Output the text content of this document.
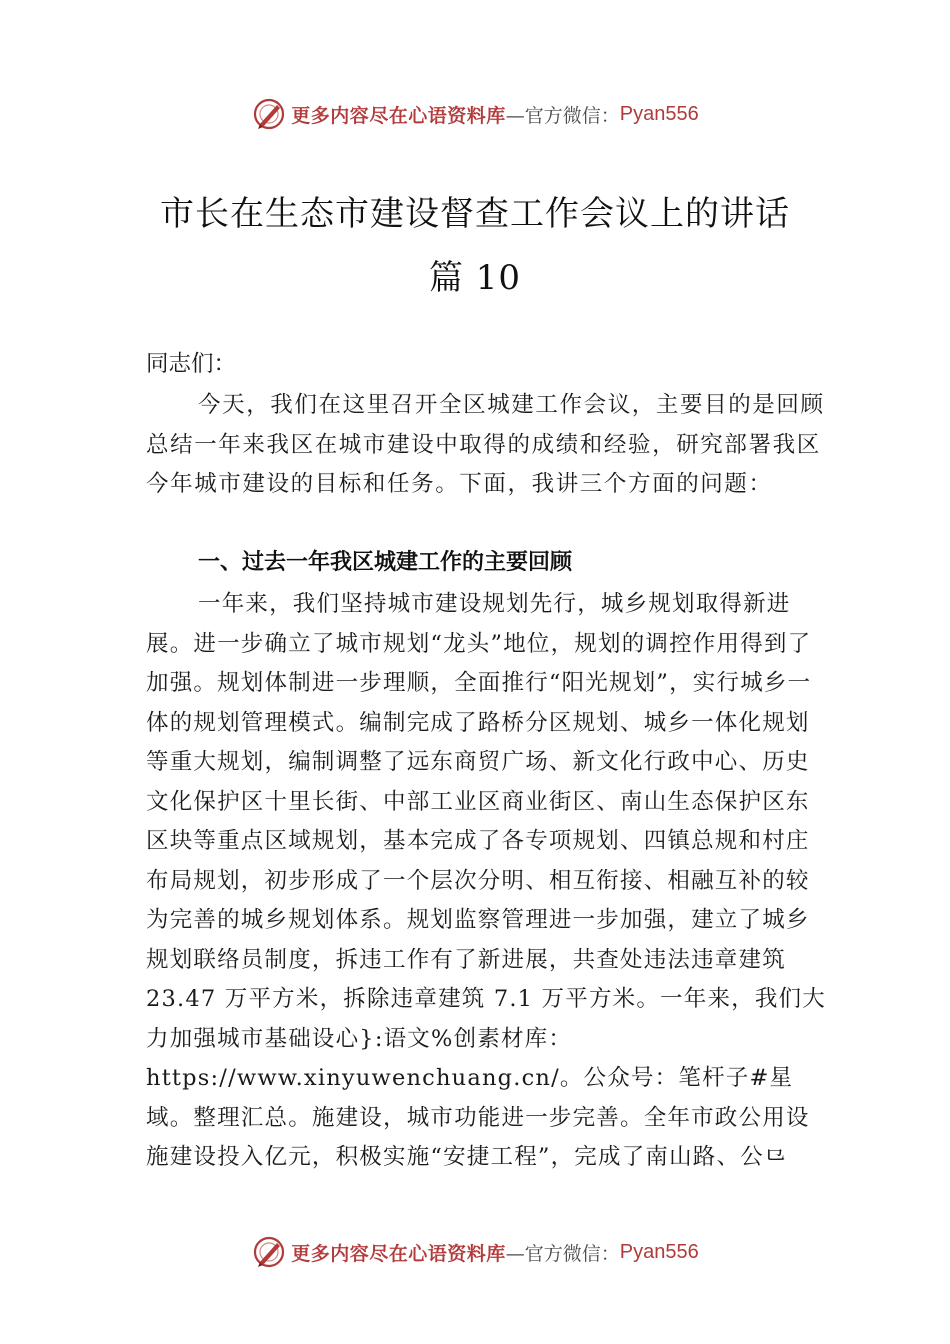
更多内容尽在心语资料库 —官方微信： Pyan556
市长在生态市建设督查工作会议上的讲话
篇 10
同志们：

今天，我们在这里召开全区城建工作会议，主要目的是回顾总结一年来我区在城市建设中取得的成绩和经验，研究部署我区今年城市建设的目标和任务。下面，我讲三个方面的问题：

一、过去一年我区城建工作的主要回顾

一年来，我们坚持城市建设规划先行，城乡规划取得新进展。进一步确立了城市规划“龙头”地位，规划的调控作用得到了加强。规划体制进一步理顺，全面推行“阳光规划”，实行城乡一体的规划管理模式。编制完成了路桥分区规划、城乡一体化规划等重大规划，编制调整了远东商贸广场、新文化行政中心、历史文化保护区十里长街、中部工业区商业街区、南山生态保护区东区块等重点区域规划，基本完成了各专项规划、四镇总规和村庄布局规划，初步形成了一个层次分明、相互衔接、相融互补的较为完善的城乡规划体系。规划监察管理进一步加强，建立了城乡规划联络员制度，拆违工作有了新进展，共查处违法违章建筑 23.47 万平方米，拆除违章建筑 7.1 万平方米。一年来，我们大力加强城市基础设心}:语文%创素材库：https://www.xinyuwenchuang.cn/。公众号：笔杆子#星域。整理汇总。施建设，城市功能进一步完善。全年市政公用设施建设投入亿元，积极实施“安捷工程”，完成了南山路、公⺋

更多内容尽在心语资料库 —官方微信： Pyan556
